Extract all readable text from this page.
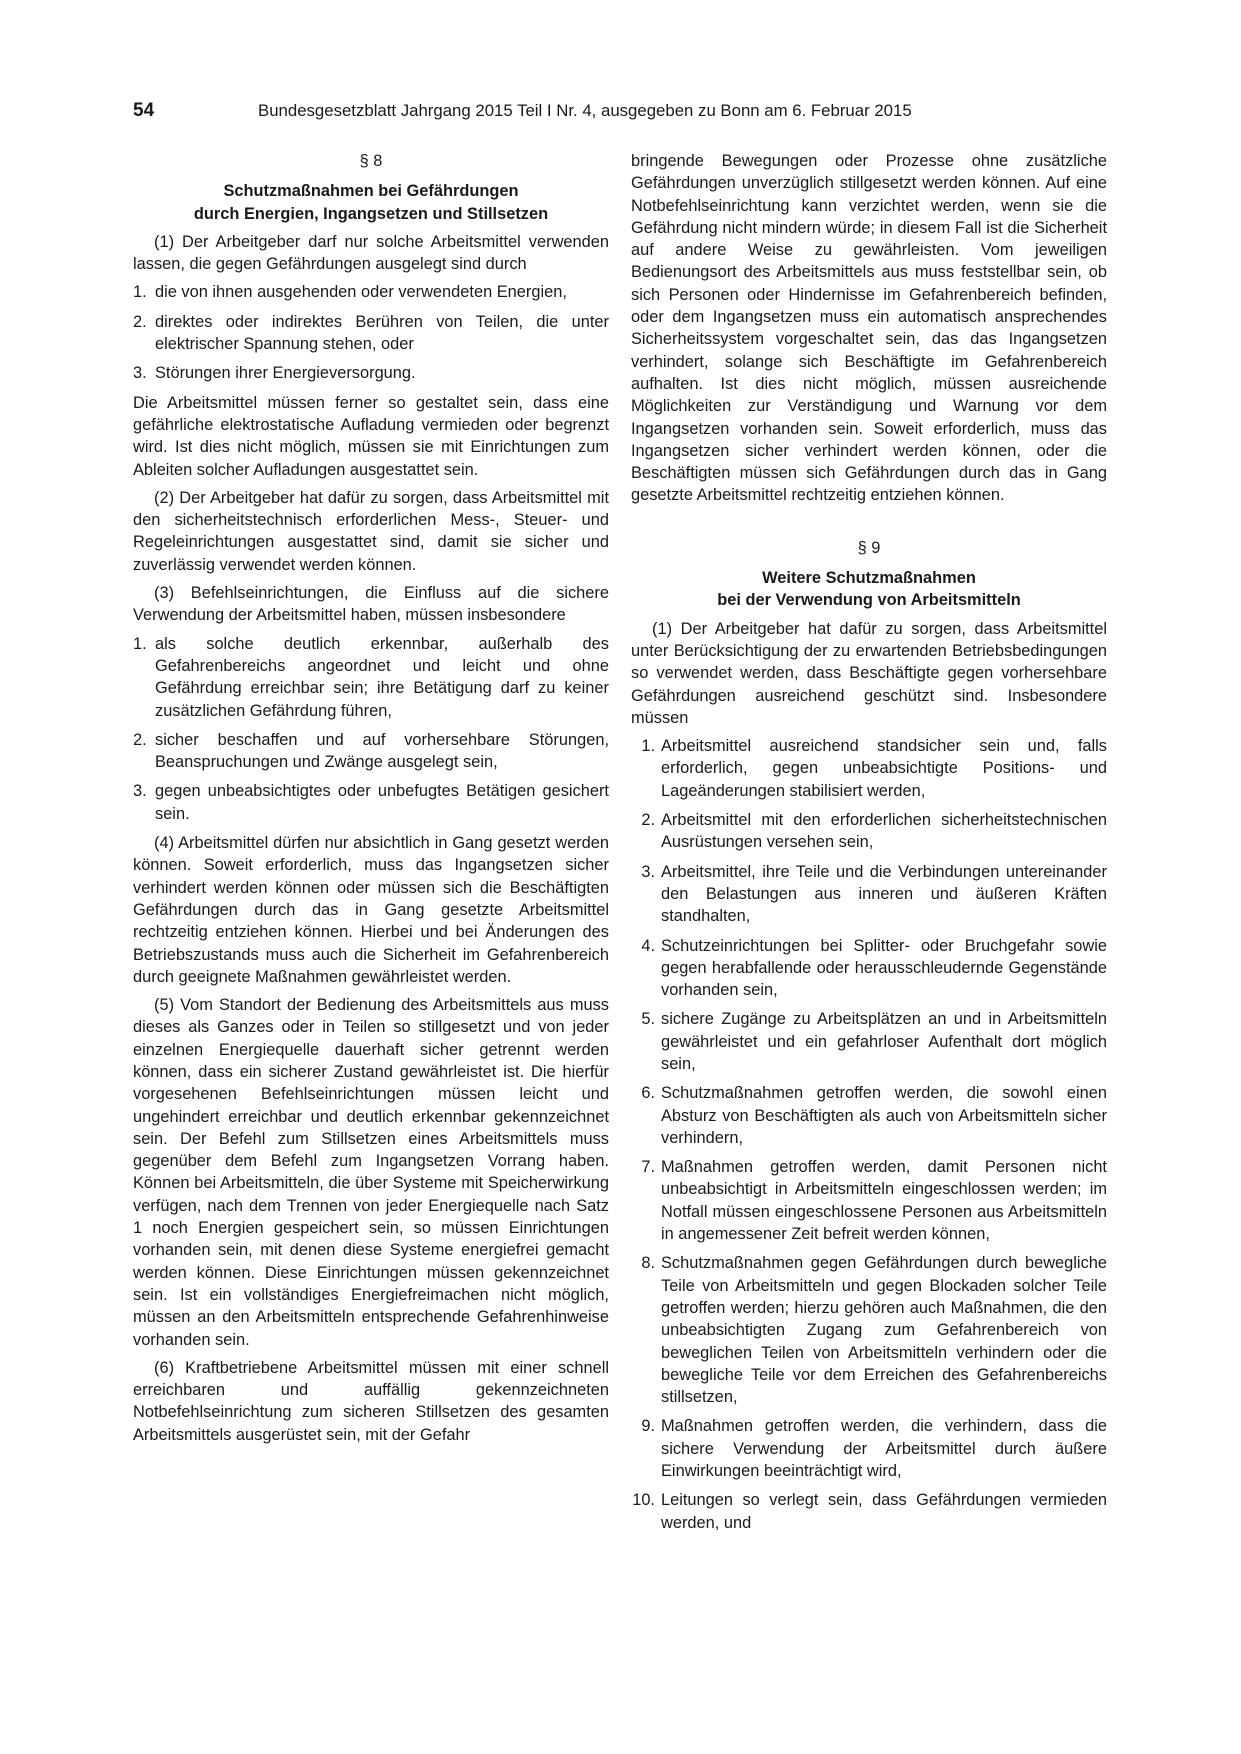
54	Bundesgesetzblatt Jahrgang 2015 Teil I Nr. 4, ausgegeben zu Bonn am 6. Februar 2015
§ 8
Schutzmaßnahmen bei Gefährdungen
durch Energien, Ingangsetzen und Stillsetzen

(1) Der Arbeitgeber darf nur solche Arbeitsmittel verwenden lassen, die gegen Gefährdungen ausgelegt sind durch

1. die von ihnen ausgehenden oder verwendeten Energien,
2. direktes oder indirektes Berühren von Teilen, die unter elektrischer Spannung stehen, oder
3. Störungen ihrer Energieversorgung.

Die Arbeitsmittel müssen ferner so gestaltet sein, dass eine gefährliche elektrostatische Aufladung vermieden oder begrenzt wird. Ist dies nicht möglich, müssen sie mit Einrichtungen zum Ableiten solcher Aufladungen ausgestattet sein.

(2) Der Arbeitgeber hat dafür zu sorgen, dass Arbeitsmittel mit den sicherheitstechnisch erforderlichen Mess-, Steuer- und Regeleinrichtungen ausgestattet sind, damit sie sicher und zuverlässig verwendet werden können.

(3) Befehlseinrichtungen, die Einfluss auf die sichere Verwendung der Arbeitsmittel haben, müssen insbesondere

1. als solche deutlich erkennbar, außerhalb des Gefahrenbereichs angeordnet und leicht und ohne Gefährdung erreichbar sein; ihre Betätigung darf zu keiner zusätzlichen Gefährdung führen,
2. sicher beschaffen und auf vorhersehbare Störungen, Beanspruchungen und Zwänge ausgelegt sein,
3. gegen unbeabsichtigtes oder unbefugtes Betätigen gesichert sein.

(4) Arbeitsmittel dürfen nur absichtlich in Gang gesetzt werden können. Soweit erforderlich, muss das Ingangsetzen sicher verhindert werden können oder müssen sich die Beschäftigten Gefährdungen durch das in Gang gesetzte Arbeitsmittel rechtzeitig entziehen können. Hierbei und bei Änderungen des Betriebszustands muss auch die Sicherheit im Gefahrenbereich durch geeignete Maßnahmen gewährleistet werden.

(5) Vom Standort der Bedienung des Arbeitsmittels aus muss dieses als Ganzes oder in Teilen so stillgesetzt und von jeder einzelnen Energiequelle dauerhaft sicher getrennt werden können, dass ein sicherer Zustand gewährleistet ist. Die hierfür vorgesehenen Befehlseinrichtungen müssen leicht und ungehindert erreichbar und deutlich erkennbar gekennzeichnet sein. Der Befehl zum Stillsetzen eines Arbeitsmittels muss gegenüber dem Befehl zum Ingangsetzen Vorrang haben. Können bei Arbeitsmitteln, die über Systeme mit Speicherwirkung verfügen, nach dem Trennen von jeder Energiequelle nach Satz 1 noch Energien gespeichert sein, so müssen Einrichtungen vorhanden sein, mit denen diese Systeme energiefrei gemacht werden können. Diese Einrichtungen müssen gekennzeichnet sein. Ist ein vollständiges Energiefreimachen nicht möglich, müssen an den Arbeitsmitteln entsprechende Gefahrenhinweise vorhanden sein.

(6) Kraftbetriebene Arbeitsmittel müssen mit einer schnell erreichbaren und auffällig gekennzeichneten Notbefehlseinrichtung zum sicheren Stillsetzen des gesamten Arbeitsmittels ausgerüstet sein, mit der Gefahr

bringende Bewegungen oder Prozesse ohne zusätzliche Gefährdungen unverzüglich stillgesetzt werden können. Auf eine Notbefehlseinrichtung kann verzichtet werden, wenn sie die Gefährdung nicht mindern würde; in diesem Fall ist die Sicherheit auf andere Weise zu gewährleisten. Vom jeweiligen Bedienungsort des Arbeitsmittels aus muss feststellbar sein, ob sich Personen oder Hindernisse im Gefahrenbereich befinden, oder dem Ingangsetzen muss ein automatisch ansprechendes Sicherheitssystem vorgeschaltet sein, das das Ingangsetzen verhindert, solange sich Beschäftigte im Gefahrenbereich aufhalten. Ist dies nicht möglich, müssen ausreichende Möglichkeiten zur Verständigung und Warnung vor dem Ingangsetzen vorhanden sein. Soweit erforderlich, muss das Ingangsetzen sicher verhindert werden können, oder die Beschäftigten müssen sich Gefährdungen durch das in Gang gesetzte Arbeitsmittel rechtzeitig entziehen können.

§ 9
Weitere Schutzmaßnahmen
bei der Verwendung von Arbeitsmitteln

(1) Der Arbeitgeber hat dafür zu sorgen, dass Arbeitsmittel unter Berücksichtigung der zu erwartenden Betriebsbedingungen so verwendet werden, dass Beschäftigte gegen vorhersehbare Gefährdungen ausreichend geschützt sind. Insbesondere müssen

1. Arbeitsmittel ausreichend standsicher sein und, falls erforderlich, gegen unbeabsichtigte Positions- und Lageänderungen stabilisiert werden,
2. Arbeitsmittel mit den erforderlichen sicherheitstechnischen Ausrüstungen versehen sein,
3. Arbeitsmittel, ihre Teile und die Verbindungen untereinander den Belastungen aus inneren und äußeren Kräften standhalten,
4. Schutzeinrichtungen bei Splitter- oder Bruchgefahr sowie gegen herabfallende oder herausschleudernde Gegenstände vorhanden sein,
5. sichere Zugänge zu Arbeitsplätzen an und in Arbeitsmitteln gewährleistet und ein gefahrloser Aufenthalt dort möglich sein,
6. Schutzmaßnahmen getroffen werden, die sowohl einen Absturz von Beschäftigten als auch von Arbeitsmitteln sicher verhindern,
7. Maßnahmen getroffen werden, damit Personen nicht unbeabsichtigt in Arbeitsmitteln eingeschlossen werden; im Notfall müssen eingeschlossene Personen aus Arbeitsmitteln in angemessener Zeit befreit werden können,
8. Schutzmaßnahmen gegen Gefährdungen durch bewegliche Teile von Arbeitsmitteln und gegen Blockaden solcher Teile getroffen werden; hierzu gehören auch Maßnahmen, die den unbeabsichtigten Zugang zum Gefahrenbereich von beweglichen Teilen von Arbeitsmitteln verhindern oder die bewegliche Teile vor dem Erreichen des Gefahrenbereichs stillsetzen,
9. Maßnahmen getroffen werden, die verhindern, dass die sichere Verwendung der Arbeitsmittel durch äußere Einwirkungen beeinträchtigt wird,
10. Leitungen so verlegt sein, dass Gefährdungen vermieden werden, und
